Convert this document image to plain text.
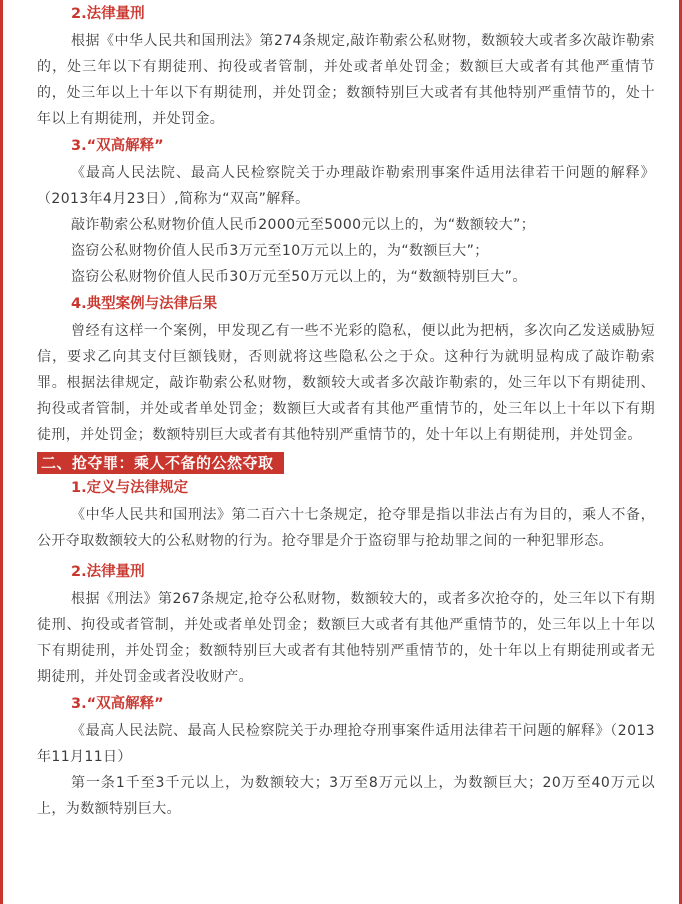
2.法律量刑

根据《中华人民共和国刑法》第274条规定,敲诈勒索公私财物，数额较大或者多次敲诈勒索的，处三年以下有期徒刑、拘役或者管制，并处或者单处罚金；数额巨大或者有其他严重情节的，处三年以上十年以下有期徒刑，并处罚金；数额特别巨大或者有其他特别严重情节的，处十年以上有期徒刑，并处罚金。

3.“双高解释”

《最高人民法院、最高人民检察院关于办理敲诈勒索刑事案件适用法律若干问题的解释》（2013年4月23日）,简称为“双高”解释。

敲诈勒索公私财物价值人民币2000元至5000元以上的，为“数额较大”；

盗窃公私财物价值人民币3万元至10万元以上的，为“数额巨大”；

盗窃公私财物价值人民币30万元至50万元以上的，为“数额特别巨大”。

4.典型案例与法律后果

曾经有这样一个案例，甲发现乙有一些不光彩的隐私，便以此为把柄，多次向乙发送威胁短信，要求乙向其支付巨额钱财，否则就将这些隐私公之于众。这种行为就明显构成了敲诈勒索罪。根据法律规定，敲诈勒索公私财物，数额较大或者多次敲诈勒索的，处三年以下有期徒刑、拘役或者管制，并处或者单处罚金；数额巨大或者有其他严重情节的，处三年以上十年以下有期徒刑，并处罚金；数额特别巨大或者有其他特别严重情节的，处十年以上有期徒刑，并处罚金。

二、抢夺罪：乘人不备的公然夺取
1.定义与法律规定

《中华人民共和国刑法》第二百六十七条规定，抢夺罪是指以非法占有为目的，乘人不备，公开夺取数额较大的公私财物的行为。抢夺罪是介于盗窃罪与抢劫罪之间的一种犯罪形态。

2.法律量刑

根据《刑法》第267条规定,抢夺公私财物，数额较大的，或者多次抢夺的，处三年以下有期徒刑、拘役或者管制，并处或者单处罚金；数额巨大或者有其他严重情节的，处三年以上十年以下有期徒刑，并处罚金；数额特别巨大或者有其他特别严重情节的，处十年以上有期徒刑或者无期徒刑，并处罚金或者没收财产。

3.“双高解释”

《最高人民法院、最高人民检察院关于办理抢夺刑事案件适用法律若干问题的解释》（2013年11月11日）

第一条1千至3千元以上，为数额较大；3万至8万元以上，为数额巨大；20万至40万元以上，为数额特别巨大。
